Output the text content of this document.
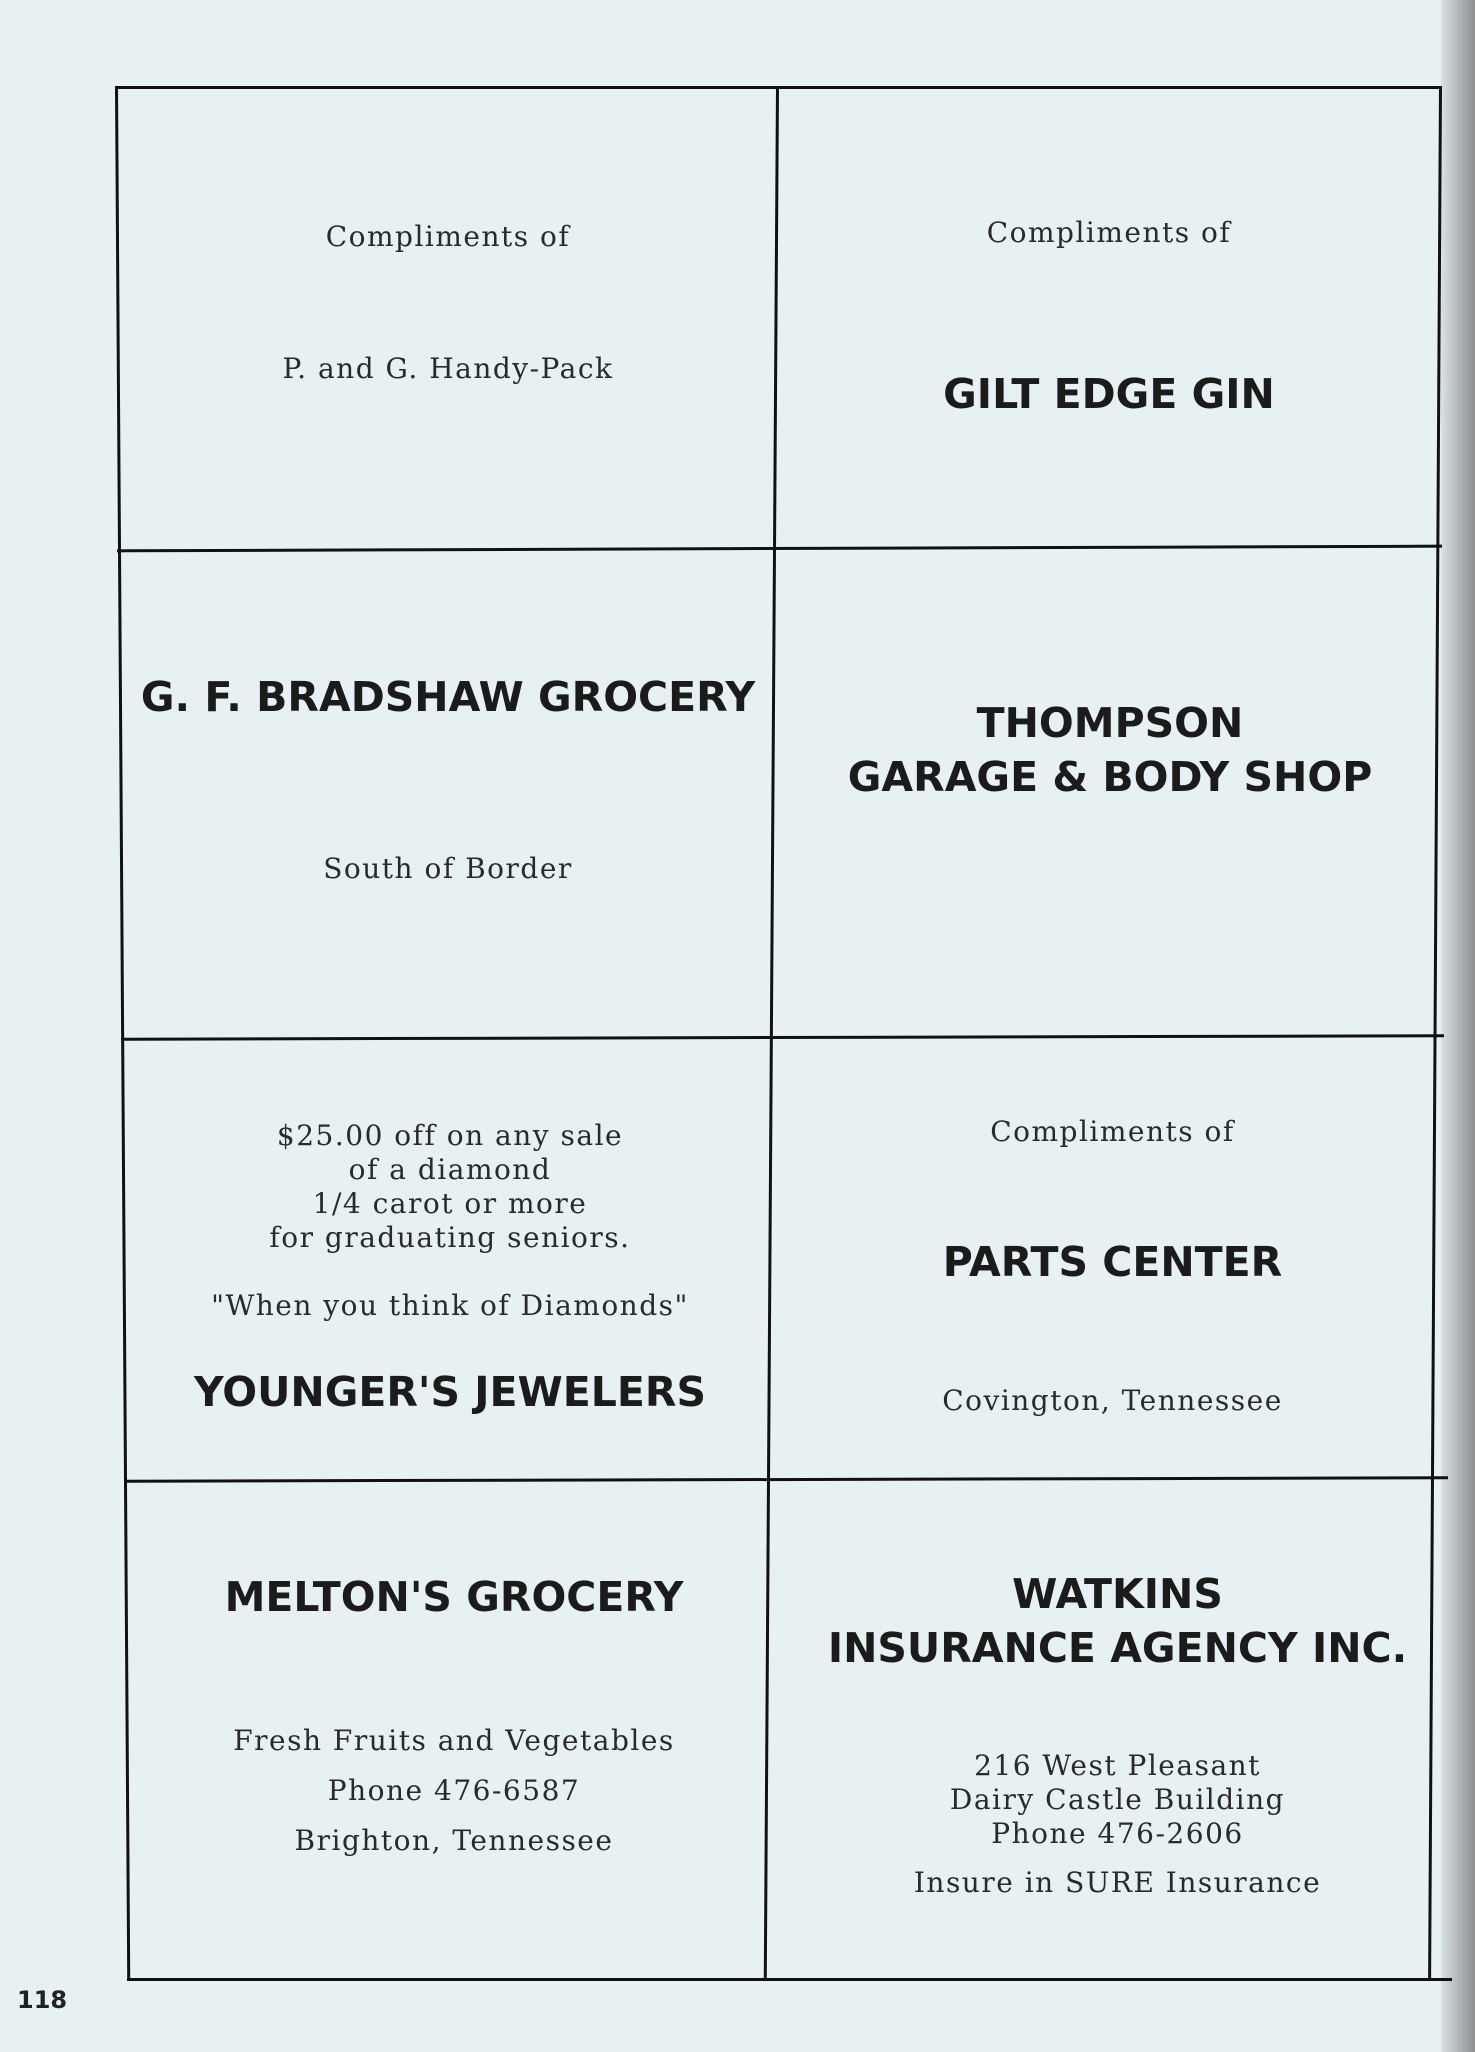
Compliments of
P. and G. Handy-Pack
Compliments of
GILT EDGE GIN
G. F. BRADSHAW GROCERY
South of Border
THOMPSON
GARAGE & BODY SHOP
$25.00 off on any sale
of a diamond
1/4 carot or more
for graduating seniors.
"When you think of Diamonds"
YOUNGER'S JEWELERS
Compliments of
PARTS CENTER
Covington, Tennessee
MELTON'S GROCERY
Fresh Fruits and Vegetables
Phone 476-6587
Brighton, Tennessee
WATKINS
INSURANCE AGENCY INC.
216 West Pleasant
Dairy Castle Building
Phone 476-2606
Insure in SURE Insurance
118
